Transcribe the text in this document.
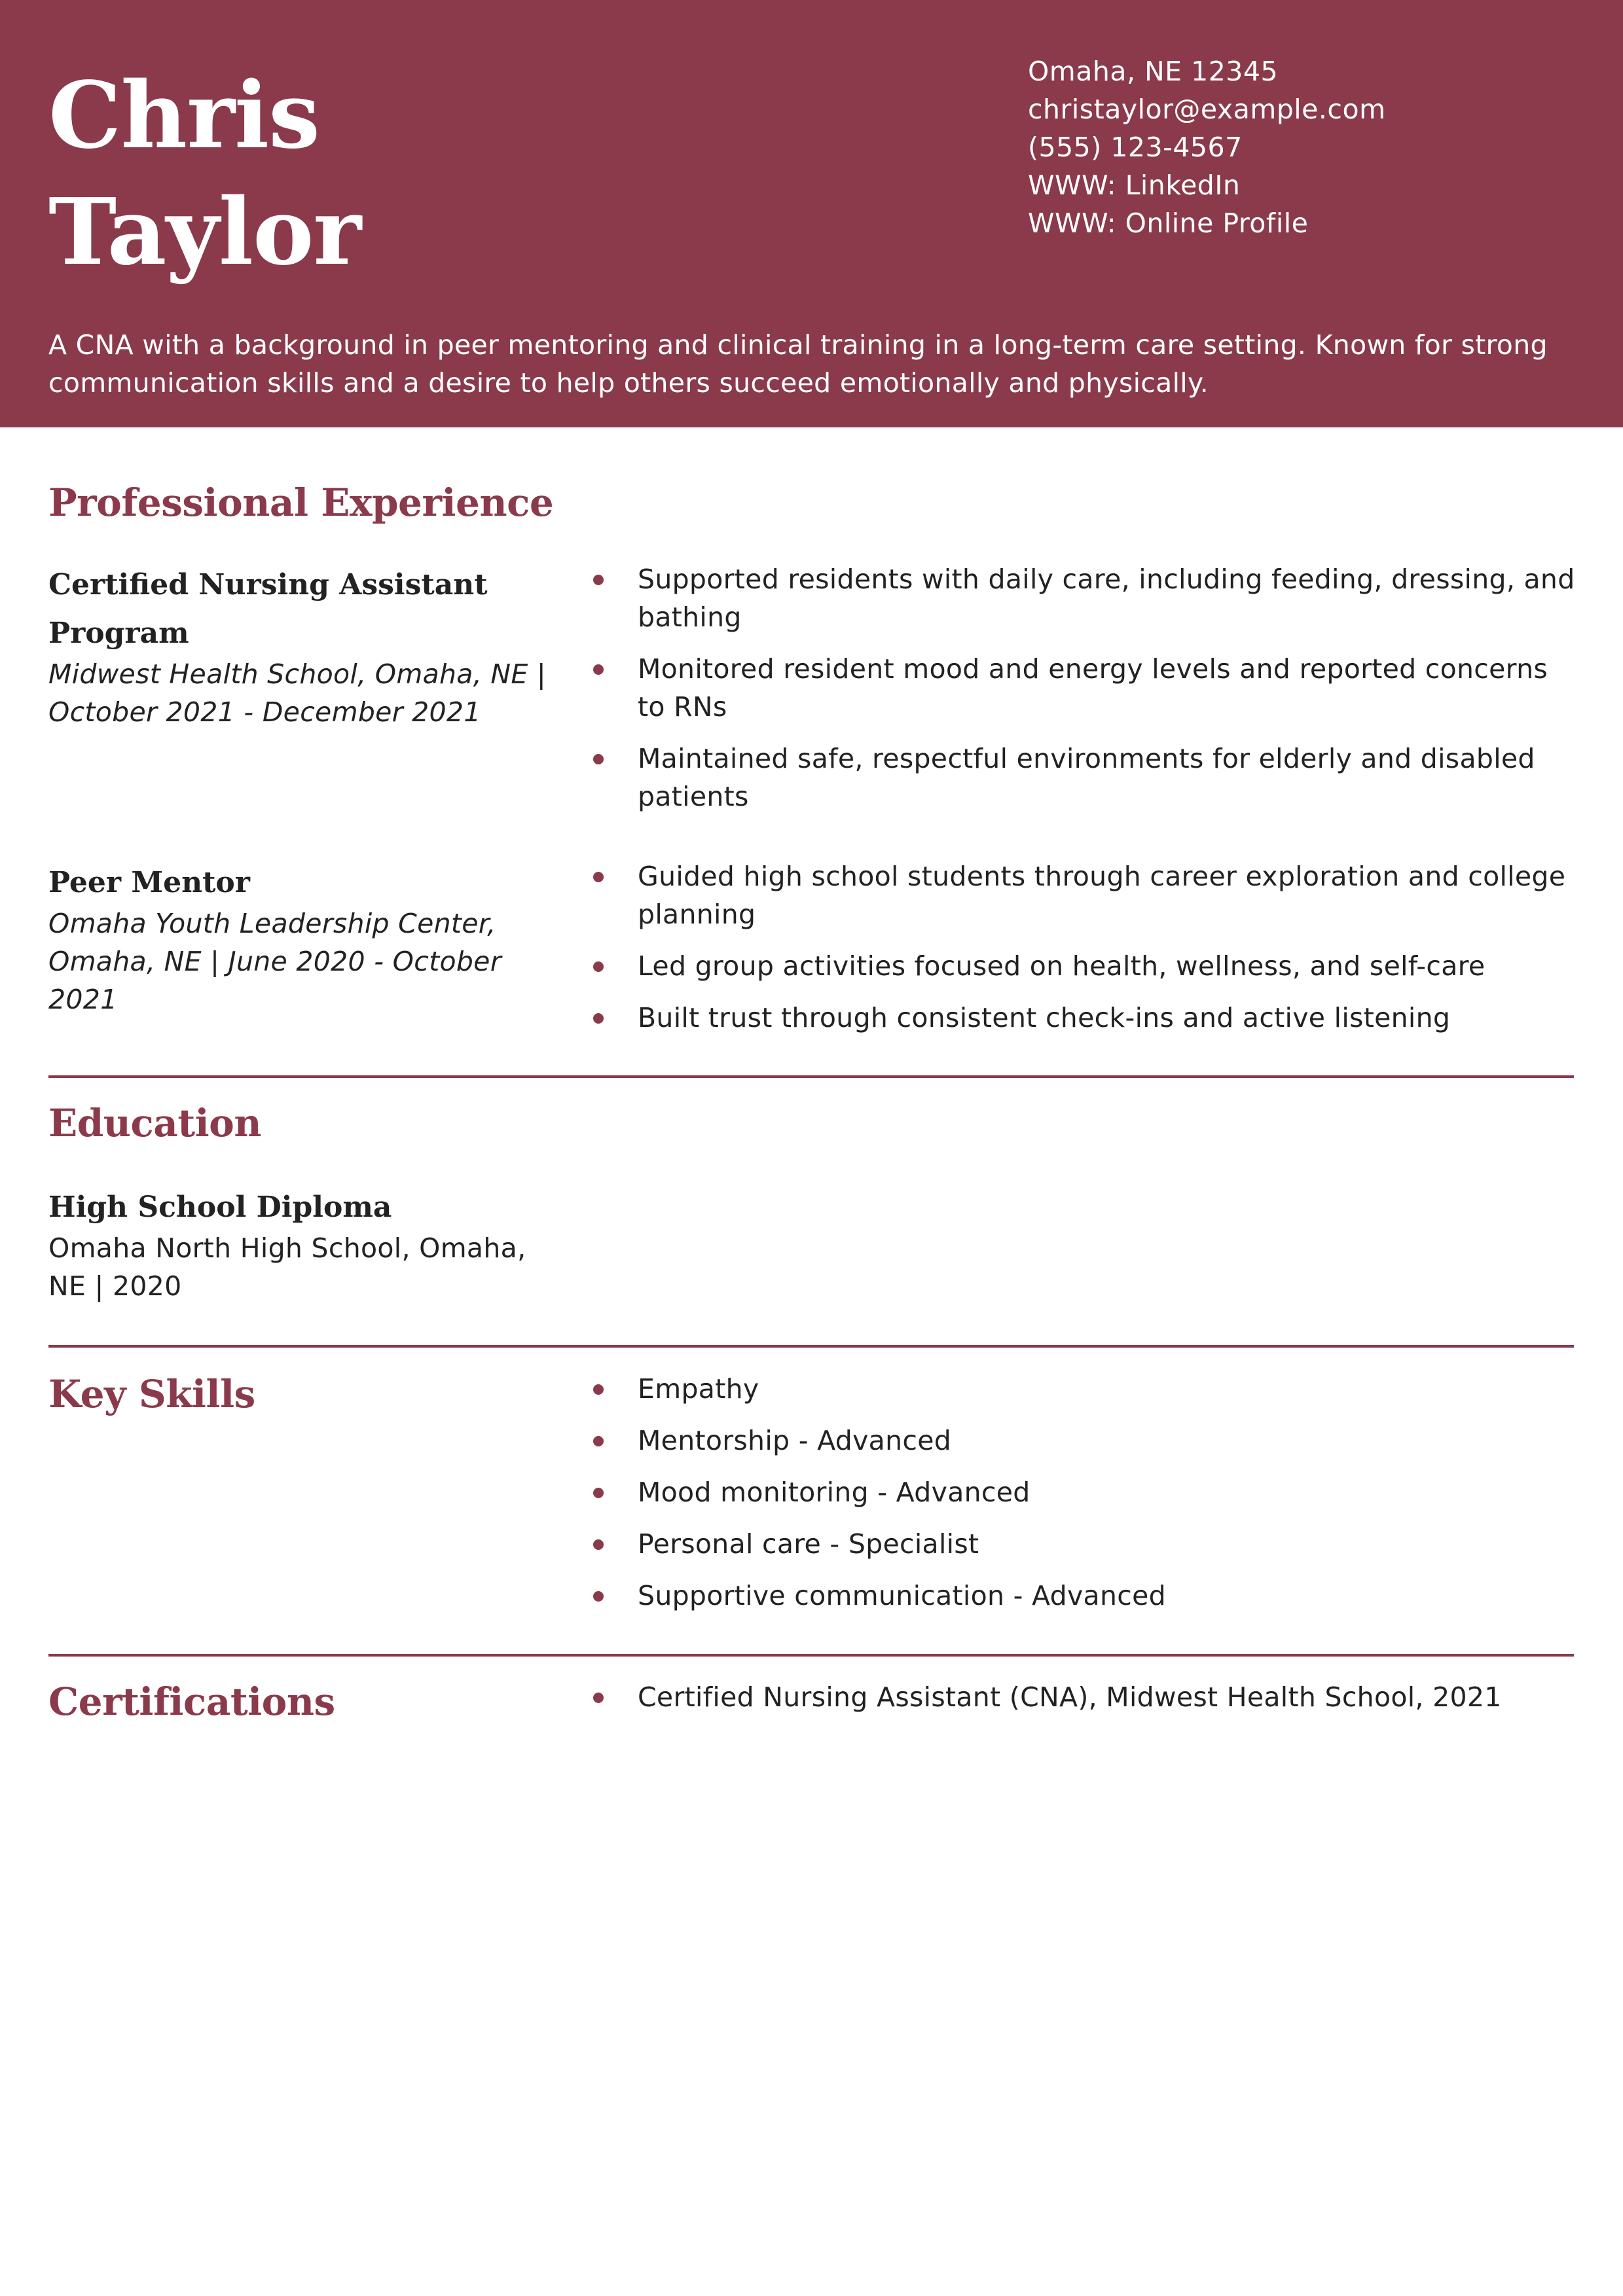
Chris
Taylor
Omaha, NE 12345
christaylor@example.com
(555) 123-4567
WWW: LinkedIn
WWW: Online Profile
A CNA with a background in peer mentoring and clinical training in a long-term care setting. Known for strong communication skills and a desire to help others succeed emotionally and physically.
Professional Experience
Certified Nursing Assistant Program
Midwest Health School, Omaha, NE | October 2021 - December 2021
Supported residents with daily care, including feeding, dressing, and bathing
Monitored resident mood and energy levels and reported concerns to RNs
Maintained safe, respectful environments for elderly and disabled patients
Peer Mentor
Omaha Youth Leadership Center, Omaha, NE | June 2020 - October 2021
Guided high school students through career exploration and college planning
Led group activities focused on health, wellness, and self-care
Built trust through consistent check-ins and active listening
Education
High School Diploma
Omaha North High School, Omaha, NE | 2020
Key Skills	Empathy
Mentorship - Advanced
Mood monitoring - Advanced
Personal care - Specialist
Supportive communication - Advanced
Certifications	Certified Nursing Assistant (CNA), Midwest Health School, 2021
